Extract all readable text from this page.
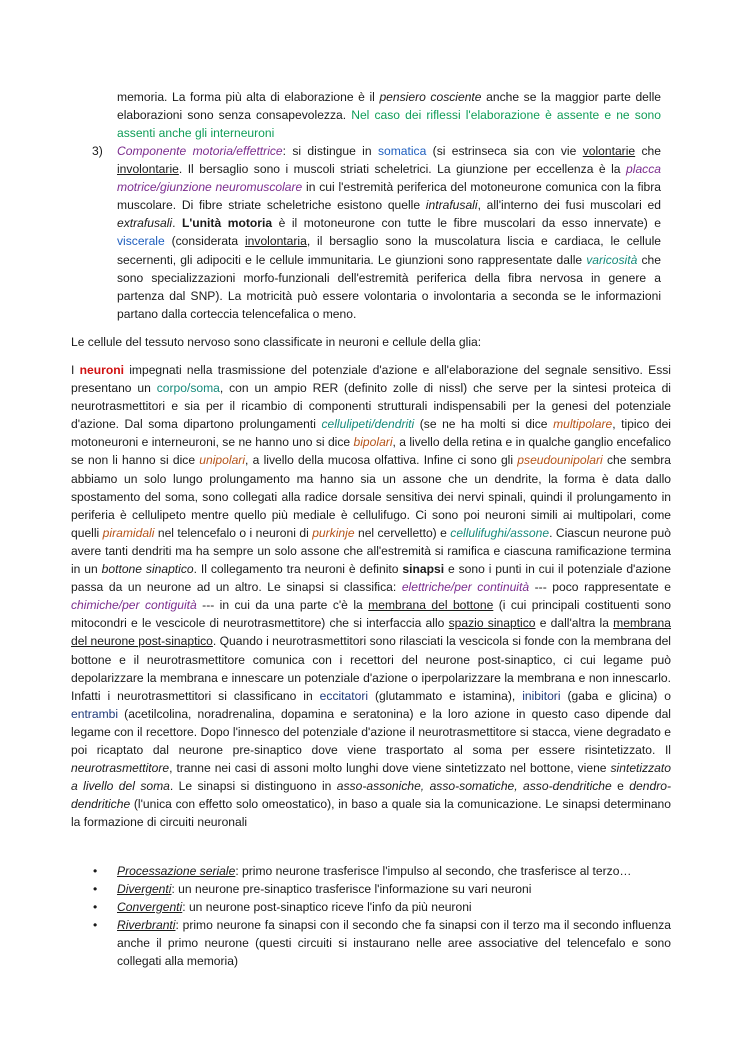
memoria. La forma più alta di elaborazione è il pensiero cosciente anche se la maggior parte delle elaborazioni sono senza consapevolezza. Nel caso dei riflessi l'elaborazione è assente e ne sono assenti anche gli interneuroni

3) Componente motoria/effettrice: si distingue in somatica (si estrinseca sia con vie volontarie che involontarie. Il bersaglio sono i muscoli striati scheletrici. La giunzione per eccellenza è la placca motrice/giunzione neuromuscolare in cui l'estremità periferica del motoneurone comunica con la fibra muscolare. Di fibre striate scheletriche esistono quelle intrafusali, all'interno dei fusi muscolari ed extrafusali. L'unità motoria è il motoneurone con tutte le fibre muscolari da esso innervate) e viscerale (considerata involontaria, il bersaglio sono la muscolatura liscia e cardiaca, le cellule secernenti, gli adipociti e le cellule immunitaria. Le giunzioni sono rappresentate dalle varicosità che sono specializzazioni morfo-funzionali dell'estremità periferica della fibra nervosa in genere a partenza dal SNP). La motricità può essere volontaria o involontaria a seconda se le informazioni partano dalla corteccia telencefalica o meno.

Le cellule del tessuto nervoso sono classificate in neuroni e cellule della glia:

I neuroni impegnati nella trasmissione del potenziale d'azione e all'elaborazione del segnale sensitivo. Essi presentano un corpo/soma, con un ampio RER (definito zolle di nissl) che serve per la sintesi proteica di neurotrasmettitori e sia per il ricambio di componenti strutturali indispensabili per la genesi del potenziale d'azione. Dal soma dipartono prolungamenti cellulipeti/dendriti (se ne ha molti si dice multipolare, tipico dei motoneuroni e interneuroni, se ne hanno uno si dice bipolari, a livello della retina e in qualche ganglio encefalico se non li hanno si dice unipolari, a livello della mucosa olfattiva. Infine ci sono gli pseudounipolari che sembra abbiamo un solo lungo prolungamento ma hanno sia un assone che un dendrite, la forma è data dallo spostamento del soma, sono collegati alla radice dorsale sensitiva dei nervi spinali, quindi il prolungamento in periferia è cellulipeto mentre quello più mediale è cellulifugo. Ci sono poi neuroni simili ai multipolari, come quelli piramidali nel telencefalo o i neuroni di purkinje nel cervelletto) e cellulifughi/assone. Ciascun neurone può avere tanti dendriti ma ha sempre un solo assone che all'estremità si ramifica e ciascuna ramificazione termina in un bottone sinaptico. Il collegamento tra neuroni è definito sinapsi e sono i punti in cui il potenziale d'azione passa da un neurone ad un altro. Le sinapsi si classifica: elettriche/per continuità --- poco rappresentate e chimiche/per contiguità --- in cui da una parte c'è la membrana del bottone (i cui principali costituenti sono mitocondri e le vescicole di neurotrasmettitore) che si interfaccia allo spazio sinaptico e dall'altra la membrana del neurone post-sinaptico. Quando i neurotrasmettitori sono rilasciati la vescicola si fonde con la membrana del bottone e il neurotrasmettitore comunica con i recettori del neurone post-sinaptico, ci cui legame può depolarizzare la membrana e innescare un potenziale d'azione o iperpolarizzare la membrana e non innescarlo. Infatti i neurotrasmettitori si classificano in eccitatori (glutammato e istamina), inibitori (gaba e glicina) o entrambi (acetilcolina, noradrenalina, dopamina e seratonina) e la loro azione in questo caso dipende dal legame con il recettore. Dopo l'innesco del potenziale d'azione il neurotrasmettitore si stacca, viene degradato e poi ricaptato dal neurone pre-sinaptico dove viene trasportato al soma per essere risintetizzato. Il neurotrasmettitore, tranne nei casi di assoni molto lunghi dove viene sintetizzato nel bottone, viene sintetizzato a livello del soma. Le sinapsi si distinguono in asso-assoniche, asso-somatiche, asso-dendritiche e dendro-dendritiche (l'unica con effetto solo omeostatico), in baso a quale sia la comunicazione. Le sinapsi determinano la formazione di circuiti neuronali

• Processazione seriale: primo neurone trasferisce l'impulso al secondo, che trasferisce al terzo…
• Divergenti: un neurone pre-sinaptico trasferisce l'informazione su vari neuroni
• Convergenti: un neurone post-sinaptico riceve l'info da più neuroni
• Riverbranti: primo neurone fa sinapsi con il secondo che fa sinapsi con il terzo ma il secondo influenza anche il primo neurone (questi circuiti si instaurano nelle aree associative del telencefalo e sono collegati alla memoria)
